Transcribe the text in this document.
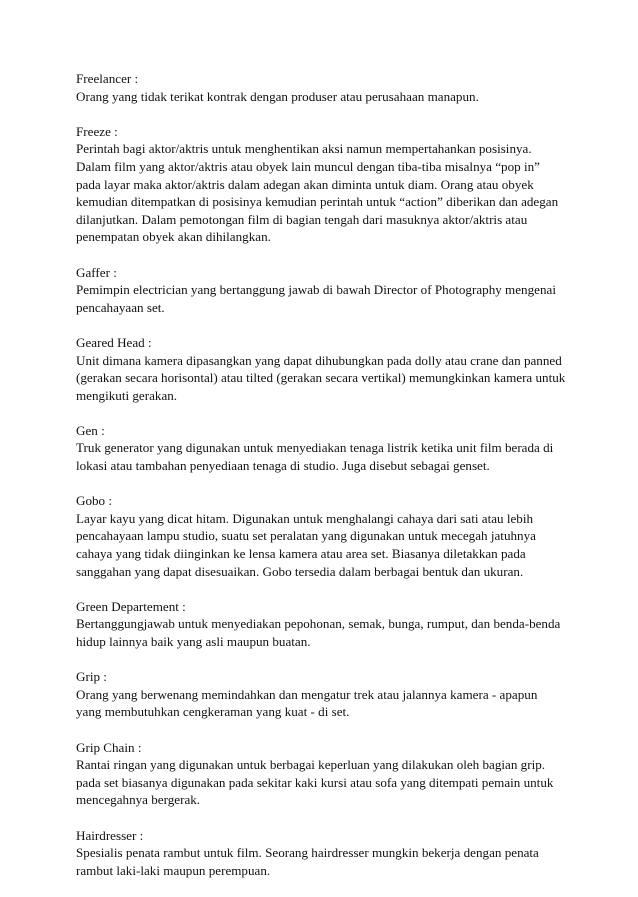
Freelancer :
Orang yang tidak terikat kontrak dengan produser atau perusahaan manapun.
Freeze :
Perintah bagi aktor/aktris untuk menghentikan aksi namun mempertahankan posisinya. Dalam film yang aktor/aktris atau obyek lain muncul dengan tiba-tiba misalnya “pop in” pada layar maka aktor/aktris dalam adegan akan diminta untuk diam. Orang atau obyek kemudian ditempatkan di posisinya kemudian perintah untuk “action” diberikan dan adegan dilanjutkan. Dalam pemotongan film di bagian tengah dari masuknya aktor/aktris atau penempatan obyek akan dihilangkan.
Gaffer :
Pemimpin electrician yang bertanggung jawab di bawah Director of Photography mengenai pencahayaan set.
Geared Head :
Unit dimana kamera dipasangkan yang dapat dihubungkan pada dolly atau crane dan panned (gerakan secara horisontal) atau tilted (gerakan secara vertikal) memungkinkan kamera untuk mengikuti gerakan.
Gen :
Truk generator yang digunakan untuk menyediakan tenaga listrik ketika unit film berada di lokasi atau tambahan penyediaan tenaga di studio. Juga disebut sebagai genset.
Gobo :
Layar kayu yang dicat hitam. Digunakan untuk menghalangi cahaya dari sati atau lebih pencahayaan lampu studio, suatu set peralatan yang digunakan untuk mecegah jatuhnya cahaya yang tidak diinginkan ke lensa kamera atau area set. Biasanya diletakkan pada sanggahan yang dapat disesuaikan. Gobo tersedia dalam berbagai bentuk dan ukuran.
Green Departement :
Bertanggungjawab untuk menyediakan pepohonan, semak, bunga, rumput, dan benda-benda hidup lainnya baik yang asli maupun buatan.
Grip :
Orang yang berwenang memindahkan dan mengatur trek atau jalannya kamera - apapun yang membutuhkan cengkeraman yang kuat - di set.
Grip Chain :
Rantai ringan yang digunakan untuk berbagai keperluan yang dilakukan oleh bagian grip. pada set biasanya digunakan pada sekitar kaki kursi atau sofa yang ditempati pemain untuk mencegahnya bergerak.
Hairdresser :
Spesialis penata rambut untuk film. Seorang hairdresser mungkin bekerja dengan penata rambut laki-laki maupun perempuan.
